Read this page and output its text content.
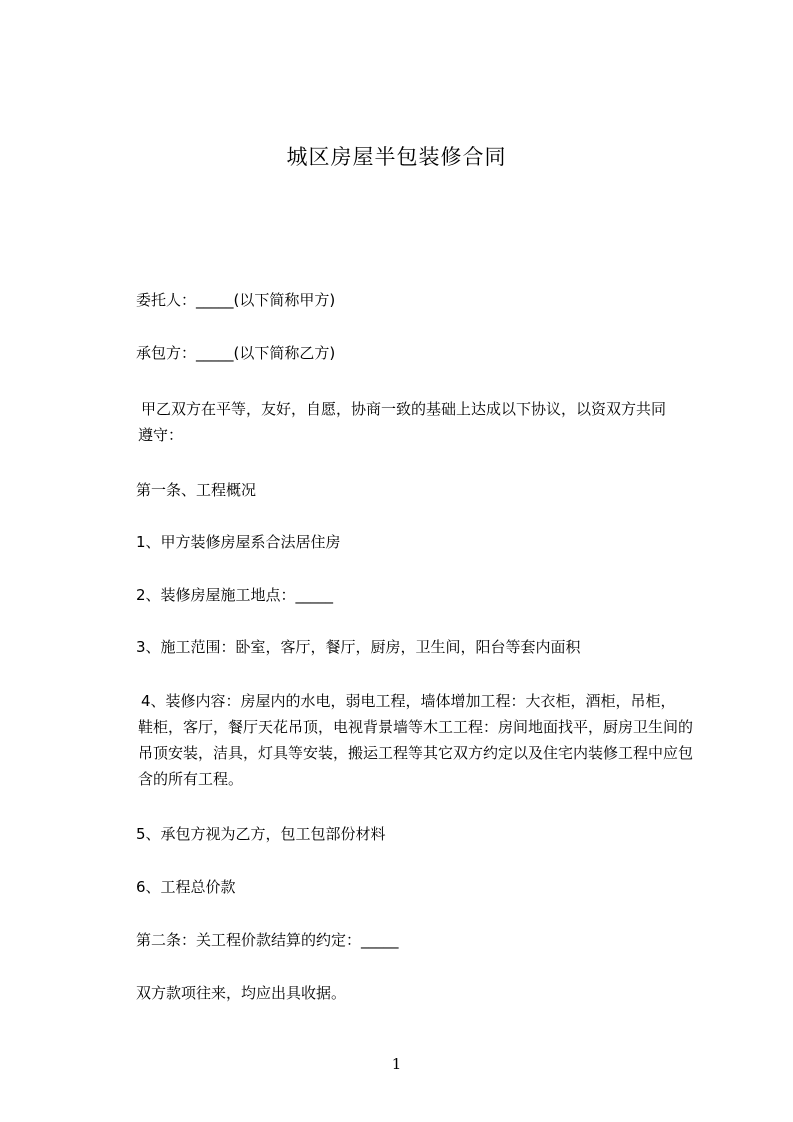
城区房屋半包装修合同
委托人：_____(以下简称甲方)
承包方：_____(以下简称乙方)
甲乙双方在平等，友好，自愿，协商一致的基础上达成以下协议，以资双方共同
遵守：
第一条、工程概况
1、甲方装修房屋系合法居住房
2、装修房屋施工地点：_____
3、施工范围：卧室，客厅，餐厅，厨房，卫生间，阳台等套内面积
4、装修内容：房屋内的水电，弱电工程，墙体增加工程：大衣柜，酒柜，吊柜，
鞋柜，客厅，餐厅天花吊顶，电视背景墙等木工工程：房间地面找平，厨房卫生间的
吊顶安装，洁具，灯具等安装，搬运工程等其它双方约定以及住宅内装修工程中应包
含的所有工程。
5、承包方视为乙方，包工包部份材料
6、工程总价款
第二条：关工程价款结算的约定：_____
双方款项往来，均应出具收据。
1
